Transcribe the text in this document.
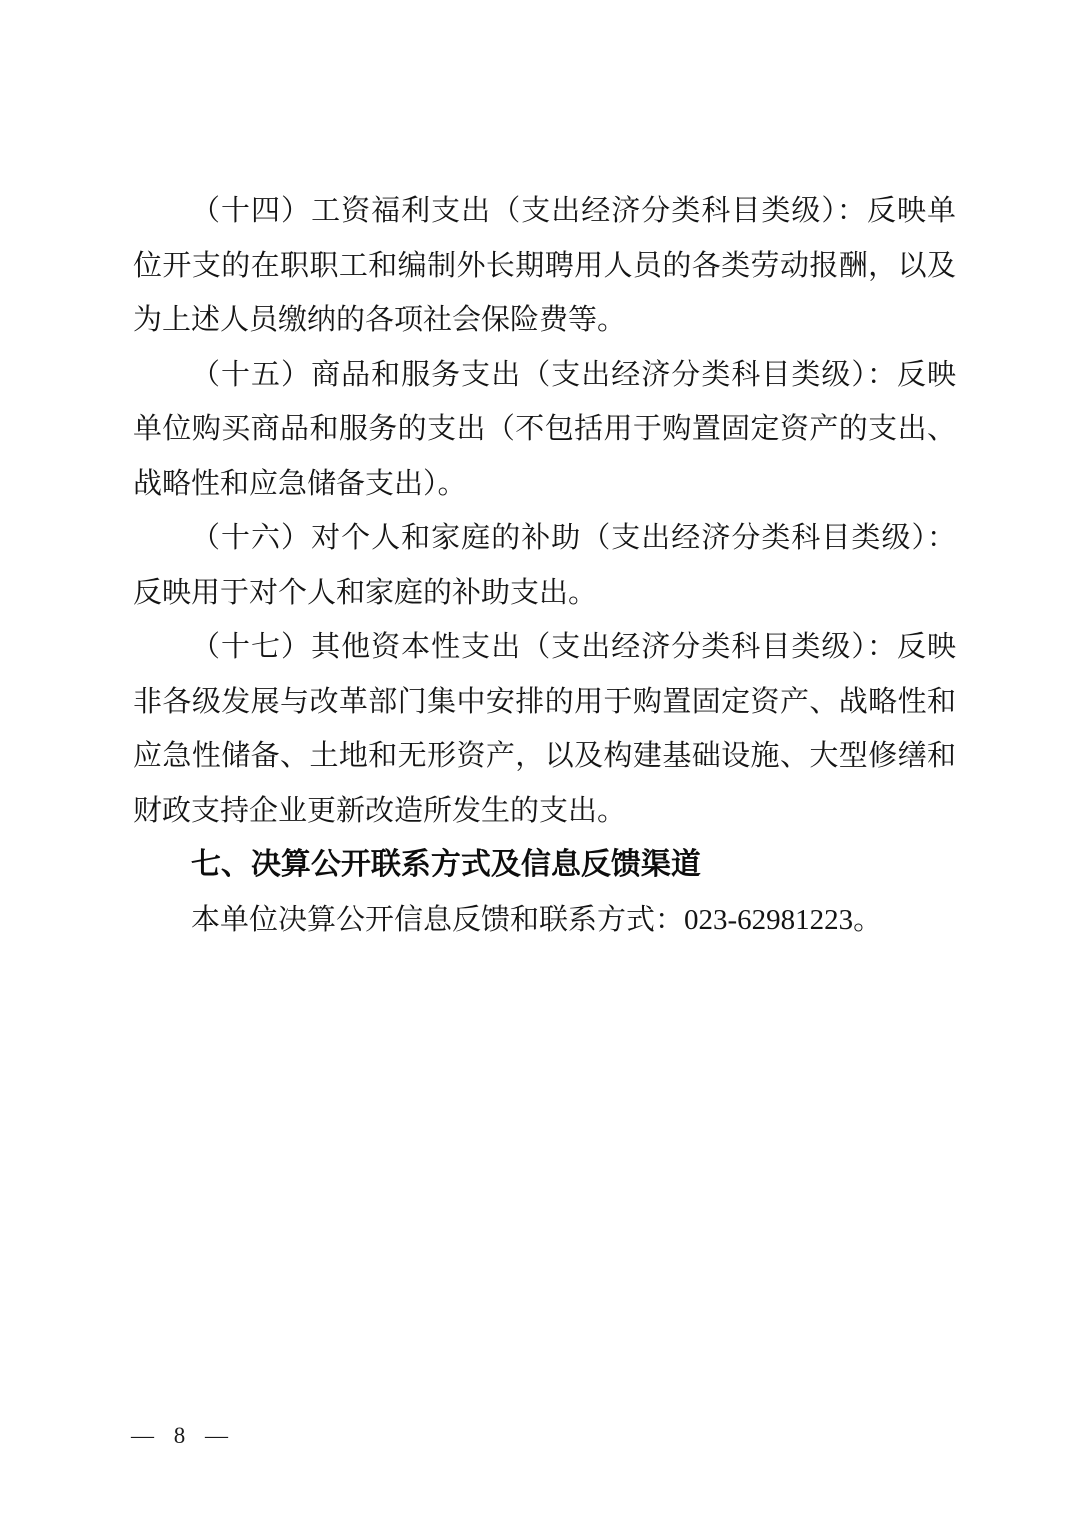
（十四）工资福利支出（支出经济分类科目类级）：反映单位开支的在职职工和编制外长期聘用人员的各类劳动报酬，以及为上述人员缴纳的各项社会保险费等。

（十五）商品和服务支出（支出经济分类科目类级）：反映单位购买商品和服务的支出（不包括用于购置固定资产的支出、战略性和应急储备支出）。

（十六）对个人和家庭的补助（支出经济分类科目类级）：反映用于对个人和家庭的补助支出。

（十七）其他资本性支出（支出经济分类科目类级）：反映非各级发展与改革部门集中安排的用于购置固定资产、战略性和应急性储备、土地和无形资产，以及构建基础设施、大型修缮和财政支持企业更新改造所发生的支出。

七、决算公开联系方式及信息反馈渠道

本单位决算公开信息反馈和联系方式：023-62981223。

— 8 —
